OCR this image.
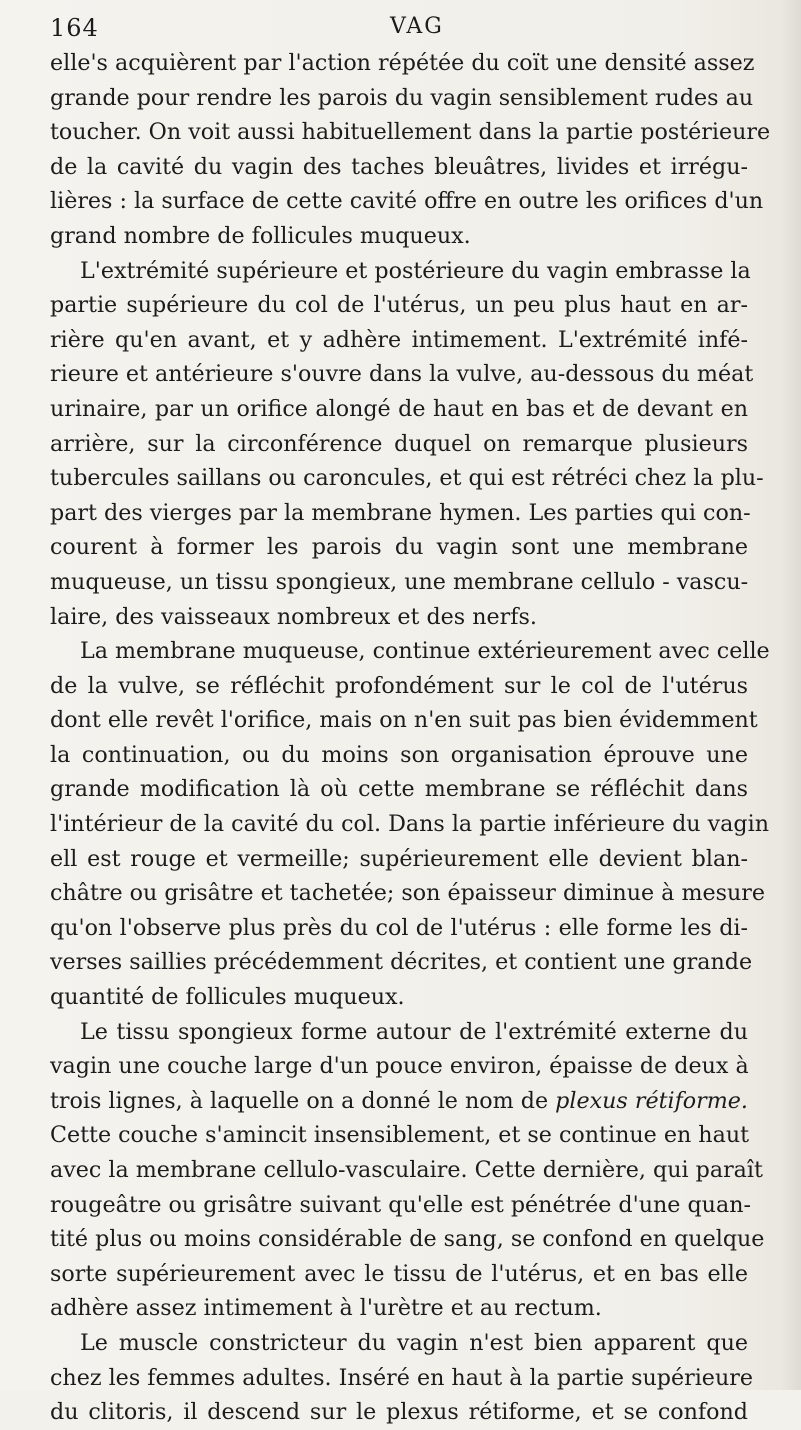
164	VAG
elle's acquièrent par l'action répétée du coït une densité assez
grande pour rendre les parois du vagin sensiblement rudes au
toucher. On voit aussi habituellement dans la partie postérieure
de la cavité du vagin des taches bleuâtres, livides et irrégu-
lières : la surface de cette cavité offre en outre les orifices d'un
grand nombre de follicules muqueux.
L'extrémité supérieure et postérieure du vagin embrasse la
partie supérieure du col de l'utérus, un peu plus haut en ar-
rière qu'en avant, et y adhère intimement. L'extrémité infé-
rieure et antérieure s'ouvre dans la vulve, au-dessous du méat
urinaire, par un orifice alongé de haut en bas et de devant en
arrière, sur la circonférence duquel on remarque plusieurs
tubercules saillans ou caroncules, et qui est rétréci chez la plu-
part des vierges par la membrane hymen. Les parties qui con-
courent à former les parois du vagin sont une membrane
muqueuse, un tissu spongieux, une membrane cellulo - vascu-
laire, des vaisseaux nombreux et des nerfs.
La membrane muqueuse, continue extérieurement avec celle
de la vulve, se réfléchit profondément sur le col de l'utérus
dont elle revêt l'orifice, mais on n'en suit pas bien évidemment
la continuation, ou du moins son organisation éprouve une
grande modification là où cette membrane se réfléchit dans
l'intérieur de la cavité du col. Dans la partie inférieure du vagin
ell est rouge et vermeille; supérieurement elle devient blan-
châtre ou grisâtre et tachetée; son épaisseur diminue à mesure
qu'on l'observe plus près du col de l'utérus : elle forme les di-
verses saillies précédemment décrites, et contient une grande
quantité de follicules muqueux.
Le tissu spongieux forme autour de l'extrémité externe du
vagin une couche large d'un pouce environ, épaisse de deux à
trois lignes, à laquelle on a donné le nom de plexus rétiforme.
Cette couche s'amincit insensiblement, et se continue en haut
avec la membrane cellulo-vasculaire. Cette dernière, qui paraît
rougeâtre ou grisâtre suivant qu'elle est pénétrée d'une quan-
tité plus ou moins considérable de sang, se confond en quelque
sorte supérieurement avec le tissu de l'utérus, et en bas elle
adhère assez intimement à l'urètre et au rectum.
Le muscle constricteur du vagin n'est bien apparent que
chez les femmes adultes. Inséré en haut à la partie supérieure
du clitoris, il descend sur le plexus rétiforme, et se confond
